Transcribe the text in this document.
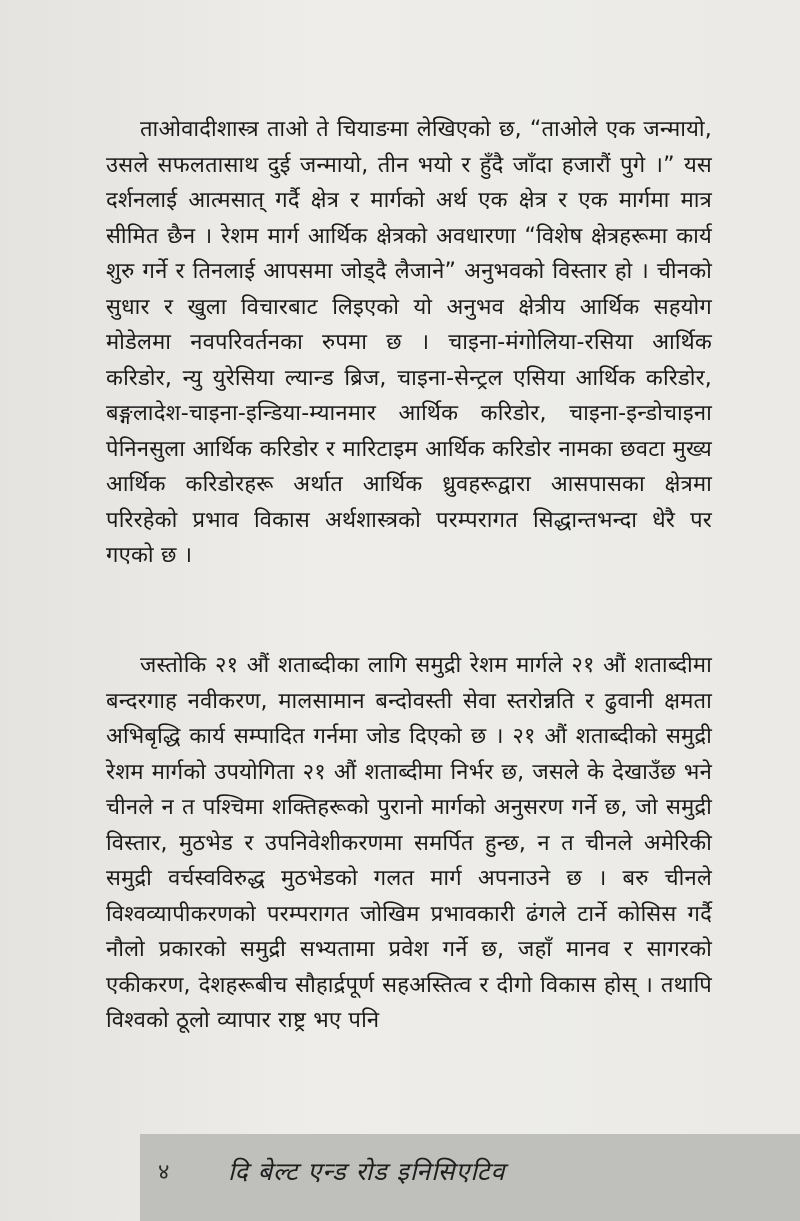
ताओवादीशास्त्र ताओ ते चियाङमा लेखिएको छ, “ताओले एक जन्मायो, उसले सफलतासाथ दुई जन्मायो, तीन भयो र हुँदै जाँदा हजारौं पुगे ।” यस दर्शनलाई आत्मसात् गर्दै क्षेत्र र मार्गको अर्थ एक क्षेत्र र एक मार्गमा मात्र सीमित छैन । रेशम मार्ग आर्थिक क्षेत्रको अवधारणा “विशेष क्षेत्रहरूमा कार्य शुरु गर्ने र तिनलाई आपसमा जोड्दै लैजाने” अनुभवको विस्तार हो । चीनको सुधार र खुला विचारबाट लिइएको यो अनुभव क्षेत्रीय आर्थिक सहयोग मोडेलमा नवपरिवर्तनका रुपमा छ । चाइना-मंगोलिया-रसिया आर्थिक करिडोर, न्यु युरेसिया ल्यान्ड ब्रिज, चाइना-सेन्ट्रल एसिया आर्थिक करिडोर, बङ्गलादेश-चाइना-इन्डिया-म्यानमार आर्थिक करिडोर, चाइना-इन्डोचाइना पेनिनसुला आर्थिक करिडोर र मारिटाइम आर्थिक करिडोर नामका छवटा मुख्य आर्थिक करिडोरहरू अर्थात आर्थिक ध्रुवहरूद्वारा आसपासका क्षेत्रमा परिरहेको प्रभाव विकास अर्थशास्त्रको परम्परागत सिद्धान्तभन्दा धेरै पर गएको छ ।

जस्तोकि २१ औं शताब्दीका लागि समुद्री रेशम मार्गले २१ औं शताब्दीमा बन्दरगाह नवीकरण, मालसामान बन्दोवस्ती सेवा स्तरोन्नति र ढुवानी क्षमता अभिबृद्धि कार्य सम्पादित गर्नमा जोड दिएको छ । २१ औं शताब्दीको समुद्री रेशम मार्गको उपयोगिता २१ औं शताब्दीमा निर्भर छ, जसले के देखाउँछ भने चीनले न त पश्चिमा शक्तिहरूको पुरानो मार्गको अनुसरण गर्ने छ, जो समुद्री विस्तार, मुठभेड र उपनिवेशीकरणमा समर्पित हुन्छ, न त चीनले अमेरिकी समुद्री वर्चस्वविरुद्ध मुठभेडको गलत मार्ग अपनाउने छ । बरु चीनले विश्वव्यापीकरणको परम्परागत जोखिम प्रभावकारी ढंगले टार्ने कोसिस गर्दै नौलो प्रकारको समुद्री सभ्यतामा प्रवेश गर्ने छ, जहाँ मानव र सागरको एकीकरण, देशहरूबीच सौहार्द्रपूर्ण सहअस्तित्व र दीगो विकास होस् । तथापि विश्वको ठूलो व्यापार राष्ट्र भए पनि

४ दि बेल्ट एन्ड रोड इनिसिएटिव
